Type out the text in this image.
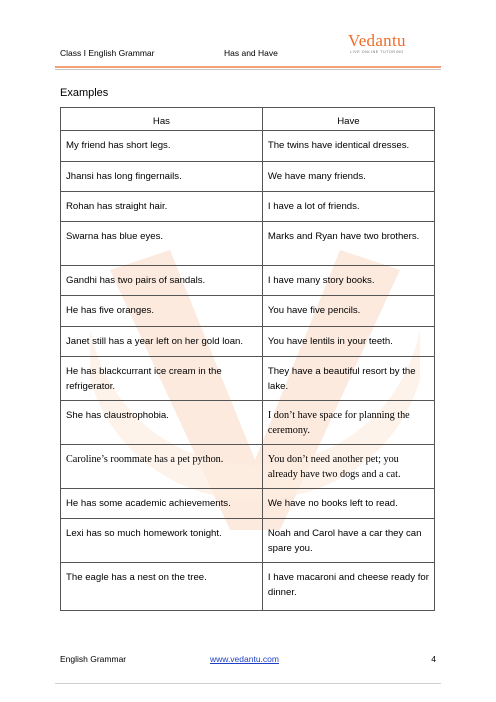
Class I English Grammar	Has and Have
Vedantu
LIVE ONLINE TUTORING
Examples
Has	Have
My friend has short legs.	The twins have identical dresses.
Jhansi has long fingernails.	We have many friends.
Rohan has straight hair.	I have a lot of friends.
Swarna has blue eyes.	Marks and Ryan have two brothers.
Gandhi has two pairs of sandals.	I have many story books.
He has five oranges.	You have five pencils.
Janet still has a year left on her gold loan.	You have lentils in your teeth.
He has blackcurrant ice cream in the refrigerator.	They have a beautiful resort by the lake.
She has claustrophobia.	I don’t have space for planning the ceremony.
Caroline’s roommate has a pet python.	You don’t need another pet; you already have two dogs and a cat.
He has some academic achievements.	We have no books left to read.
Lexi has so much homework tonight.	Noah and Carol have a car they can spare you.
The eagle has a nest on the tree.	I have macaroni and cheese ready for dinner.
English Grammar	www.vedantu.com	4
